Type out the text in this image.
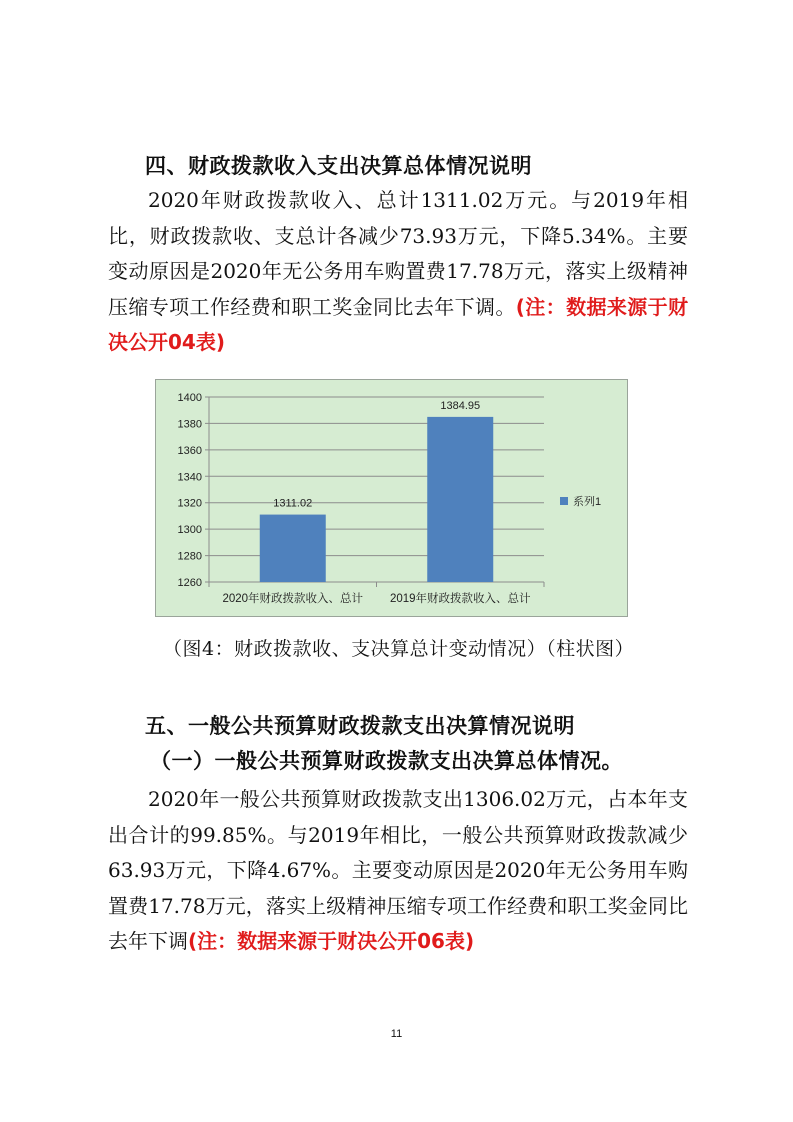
四、财政拨款收入支出决算总体情况说明

2020年财政拨款收入、总计1311.02万元。与2019年相比，财政拨款收、支总计各减少73.93万元，下降5.34%。主要变动原因是2020年无公务用车购置费17.78万元，落实上级精神压缩专项工作经费和职工奖金同比去年下调。(注：数据来源于财决公开04表)

1260
1280
1300
1320
1340
1360
1380
1400
1311.02
1384.95
2020年财政拨款收入、总计 2019年财政拨款收入、总计
系列1
（图4：财政拨款收、支决算总计变动情况）（柱状图）
五、一般公共预算财政拨款支出决算情况说明
（一）一般公共预算财政拨款支出决算总体情况。

2020年一般公共预算财政拨款支出1306.02万元，占本年支出合计的99.85%。与2019年相比，一般公共预算财政拨款减少63.93万元，下降4.67%。主要变动原因是2020年无公务用车购置费17.78万元，落实上级精神压缩专项工作经费和职工奖金同比去年下调(注：数据来源于财决公开06表)

11
